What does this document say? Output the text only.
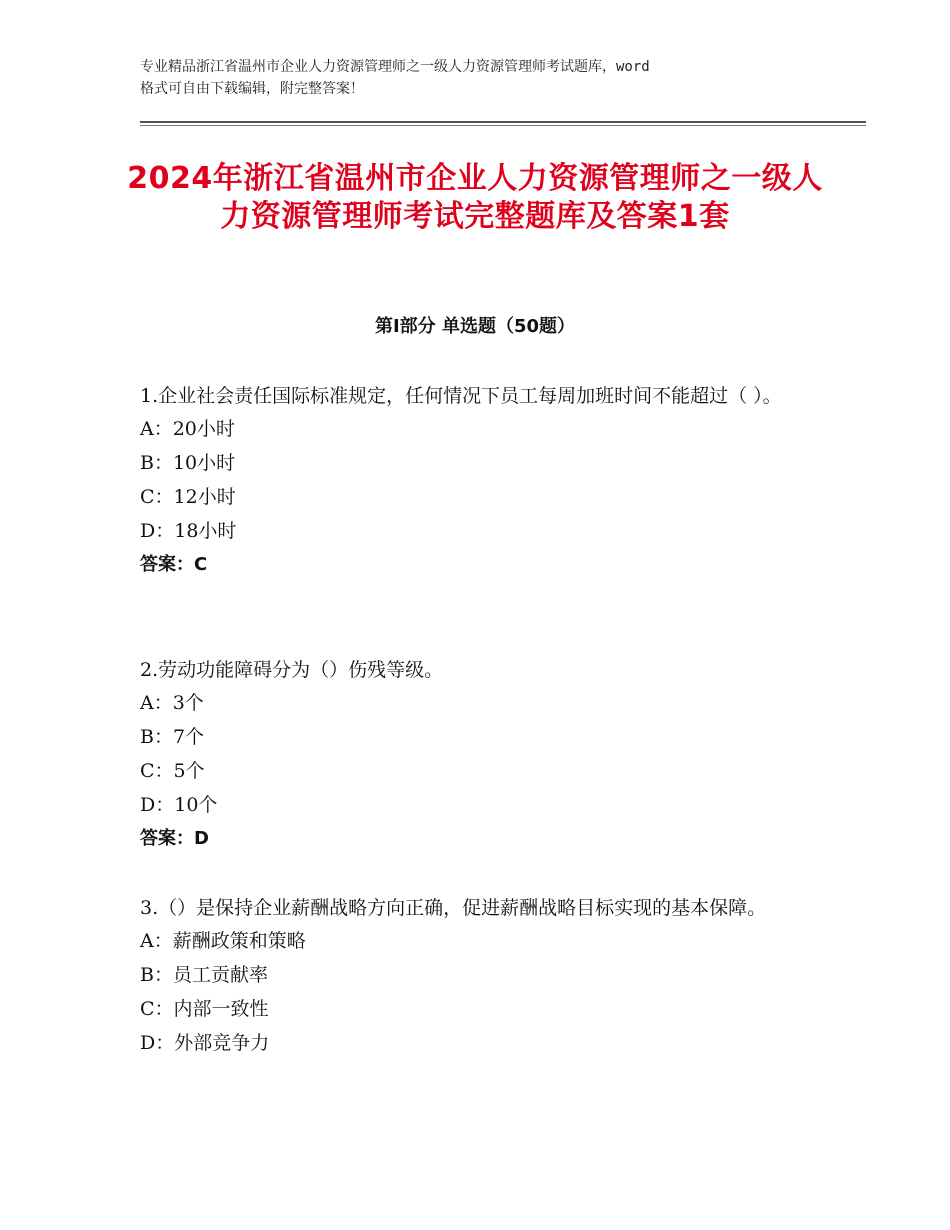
专业精品浙江省温州市企业人力资源管理师之一级人力资源管理师考试题库，word
格式可自由下载编辑，附完整答案！
2024年浙江省温州市企业人力资源管理师之一级人力资源管理师考试完整题库及答案1套
第Ⅰ部分 单选题（50题）

1.企业社会责任国际标准规定，任何情况下员工每周加班时间不能超过（ ）。

A：20小时

B：10小时

C：12小时

D：18小时

答案：C

2.劳动功能障碍分为（）伤残等级。

A：3个

B：7个

C：5个

D：10个

答案：D

3.（）是保持企业薪酬战略方向正确，促进薪酬战略目标实现的基本保障。

A：薪酬政策和策略

B：员工贡献率

C：内部一致性

D：外部竞争力
